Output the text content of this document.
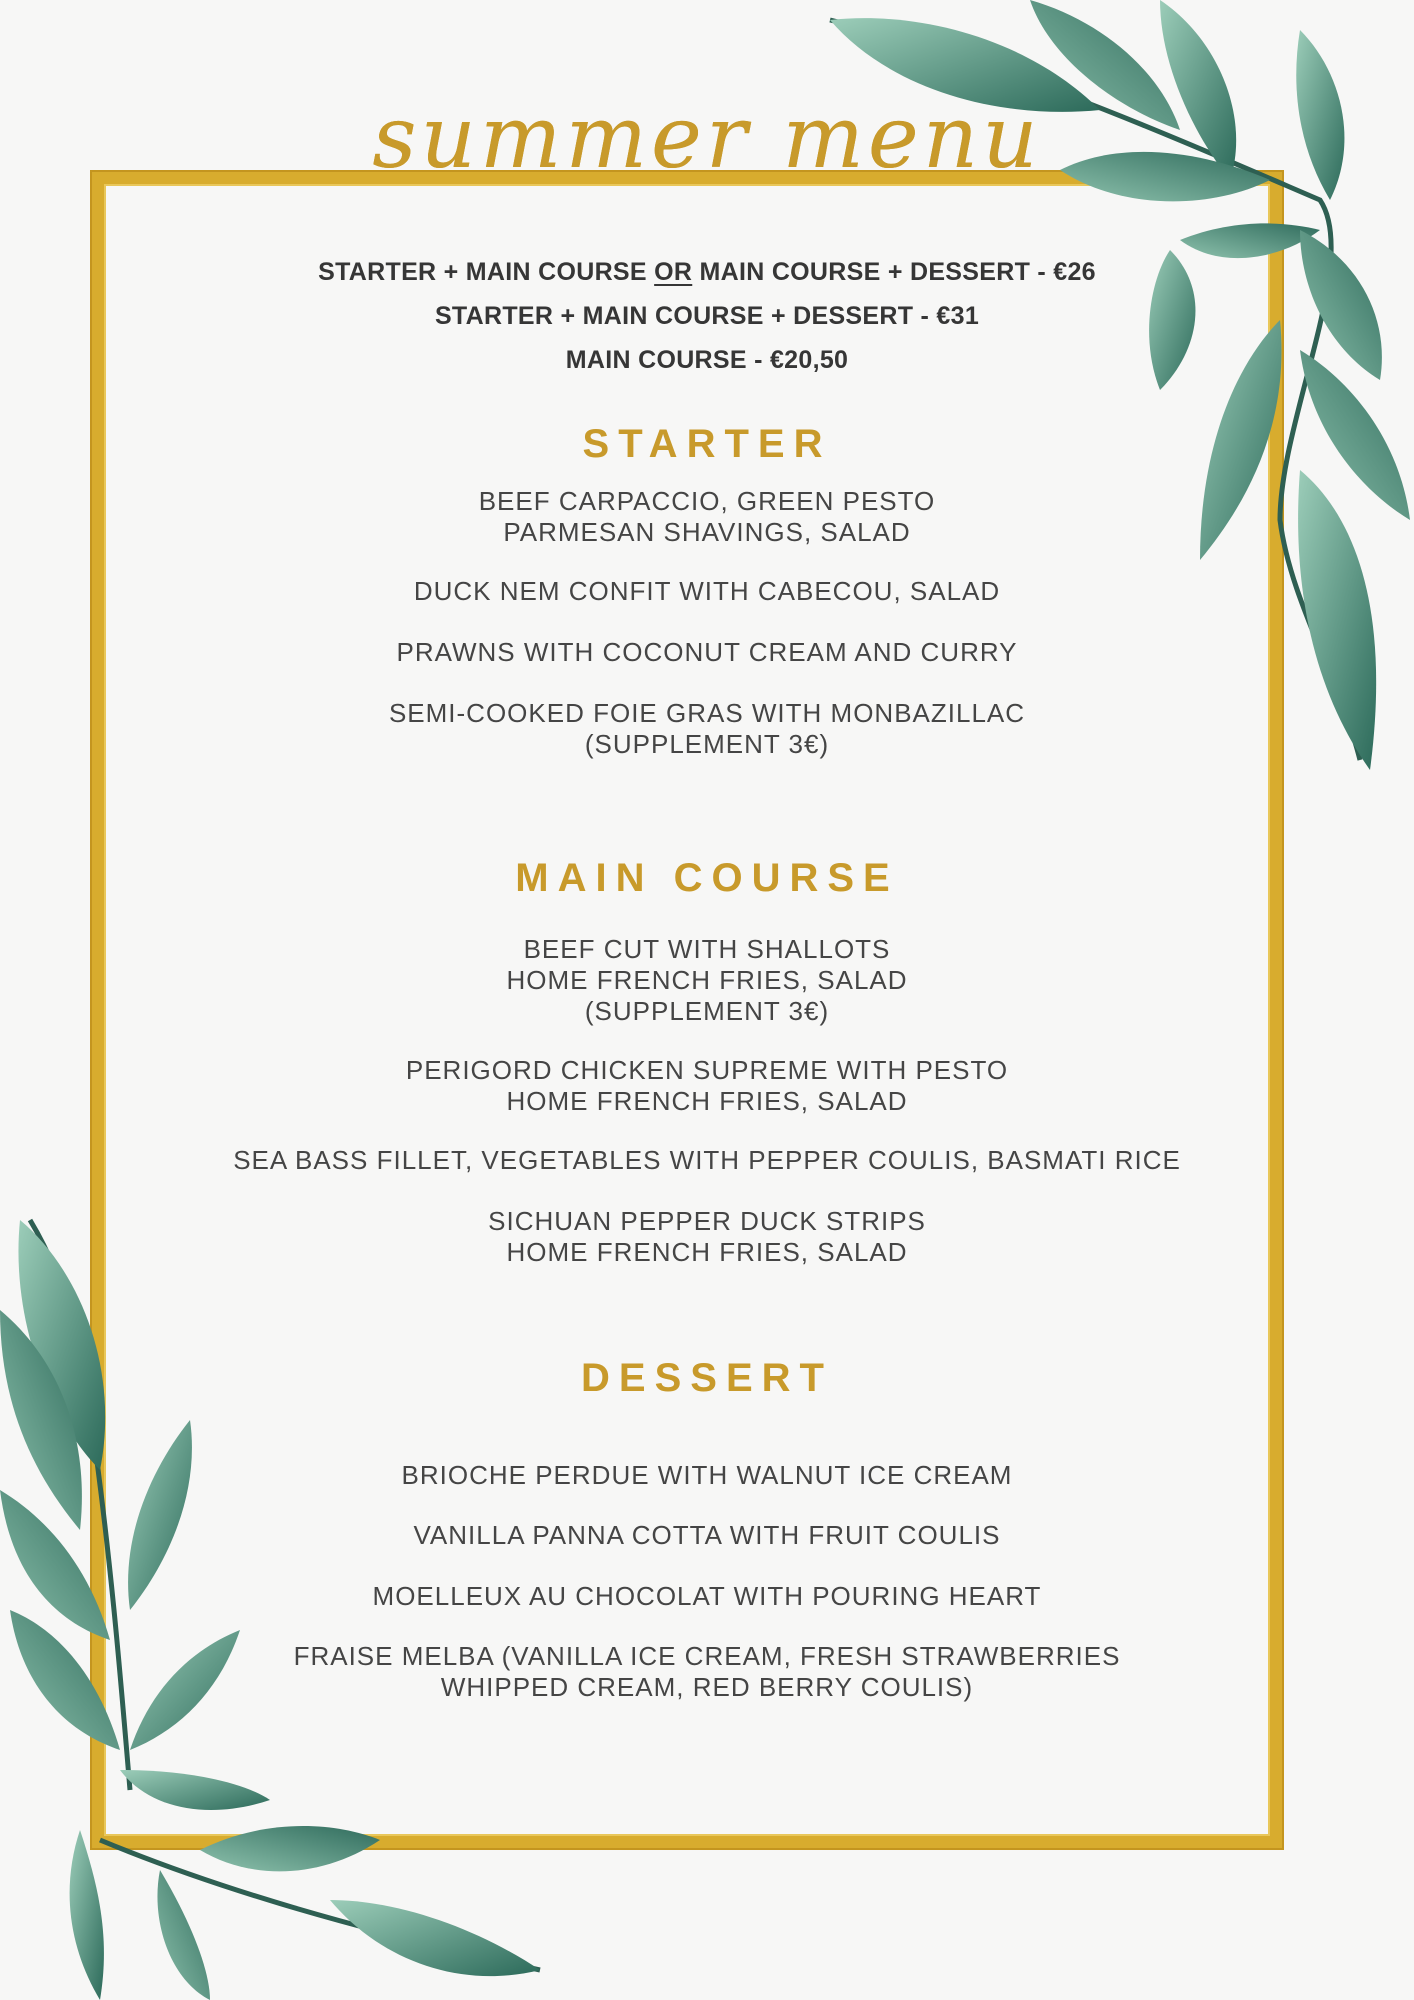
summer menu
STARTER + MAIN COURSE OR MAIN COURSE + DESSERT - €26
STARTER + MAIN COURSE + DESSERT - €31
MAIN COURSE - €20,50
STARTER
BEEF CARPACCIO, GREEN PESTO
PARMESAN SHAVINGS, SALAD
DUCK NEM CONFIT WITH CABECOU, SALAD
PRAWNS WITH COCONUT CREAM AND CURRY
SEMI-COOKED FOIE GRAS WITH MONBAZILLAC
(SUPPLEMENT 3€)
MAIN COURSE
BEEF CUT WITH SHALLOTS
HOME FRENCH FRIES, SALAD
(SUPPLEMENT 3€)
PERIGORD CHICKEN SUPREME WITH PESTO
HOME FRENCH FRIES, SALAD
SEA BASS FILLET, VEGETABLES WITH PEPPER COULIS, BASMATI RICE
SICHUAN PEPPER DUCK STRIPS
HOME FRENCH FRIES, SALAD
DESSERT
BRIOCHE PERDUE WITH WALNUT ICE CREAM
VANILLA PANNA COTTA WITH FRUIT COULIS
MOELLEUX AU CHOCOLAT WITH POURING HEART
FRAISE MELBA (VANILLA ICE CREAM, FRESH STRAWBERRIES
WHIPPED CREAM, RED BERRY COULIS)
